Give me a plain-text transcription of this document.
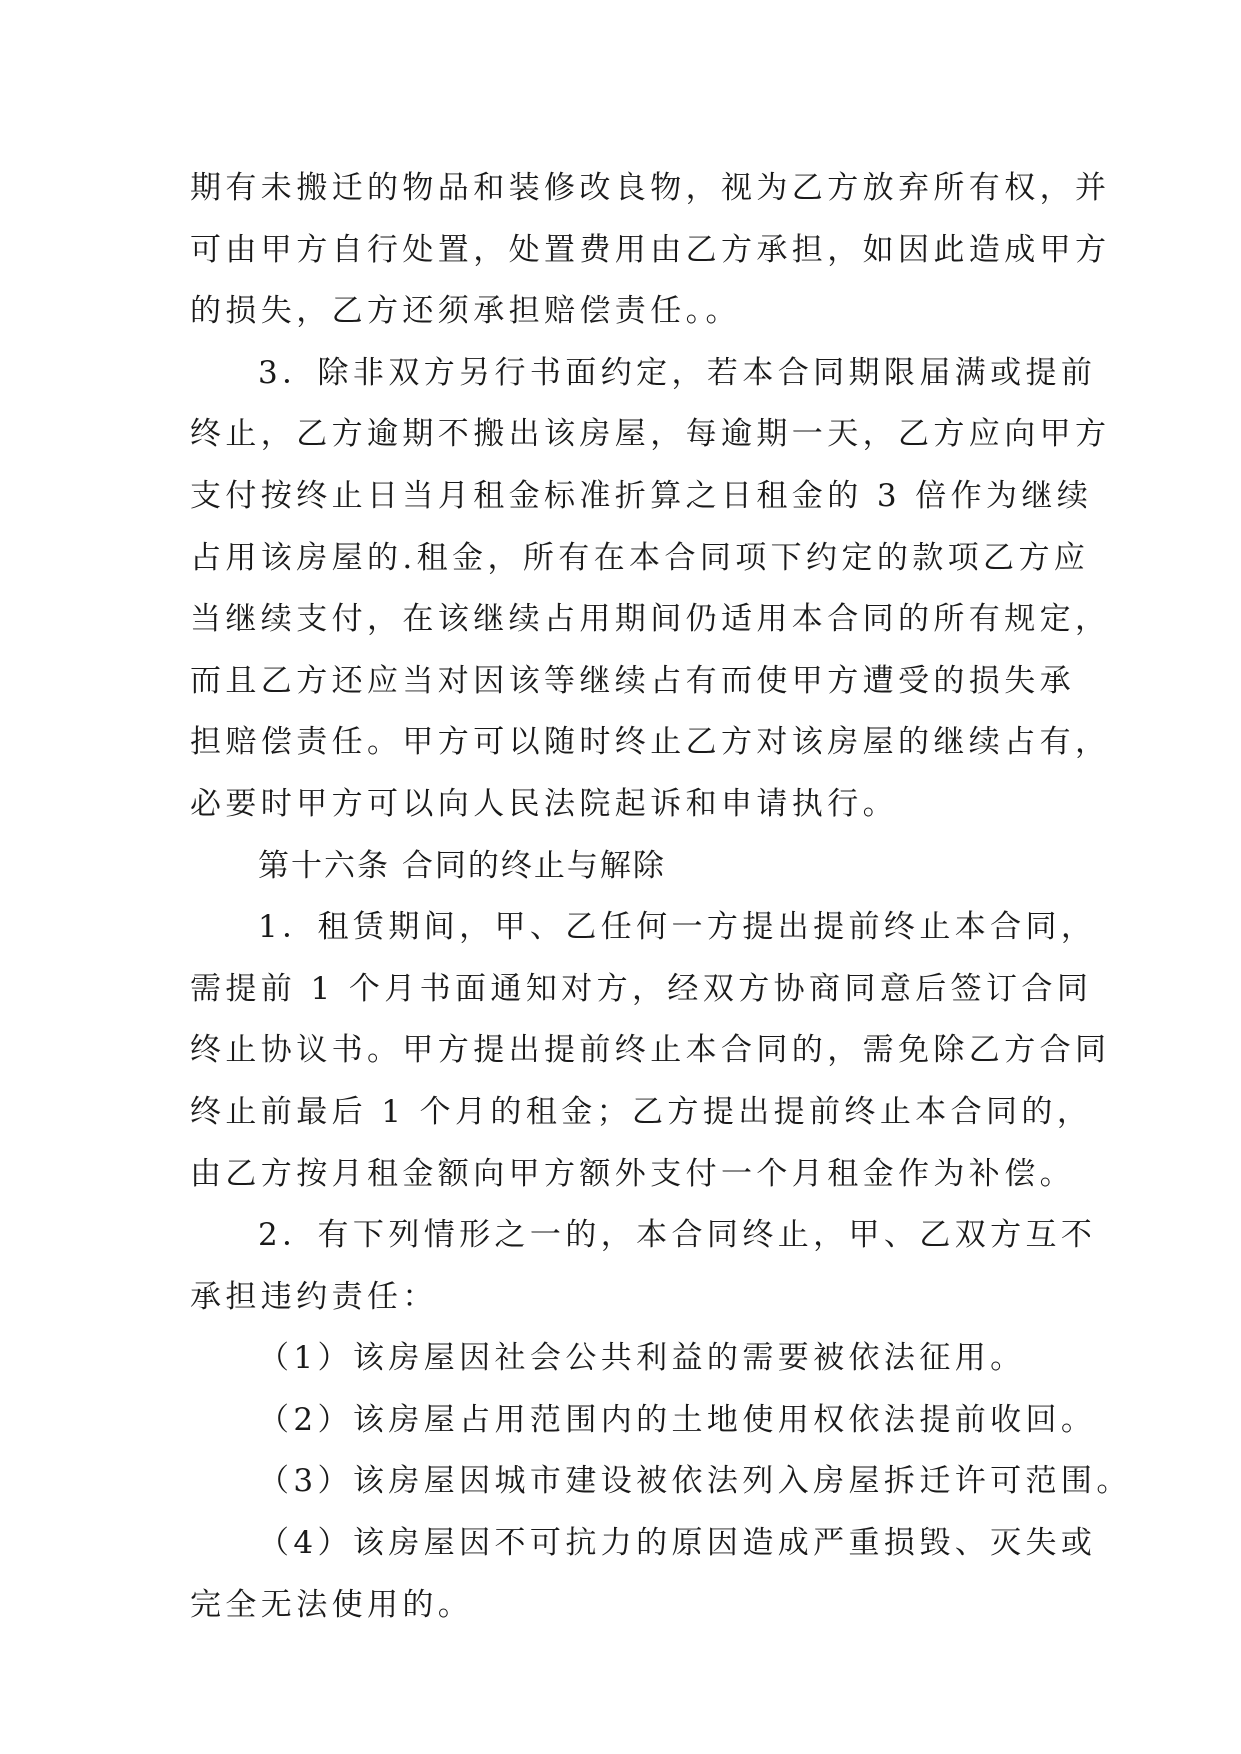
期有未搬迁的物品和装修改良物，视为乙方放弃所有权，并
可由甲方自行处置，处置费用由乙方承担，如因此造成甲方
的损失，乙方还须承担赔偿责任。。
3．除非双方另行书面约定，若本合同期限届满或提前
终止，乙方逾期不搬出该房屋，每逾期一天，乙方应向甲方
支付按终止日当月租金标准折算之日租金的 3 倍作为继续
占用该房屋的.租金，所有在本合同项下约定的款项乙方应
当继续支付，在该继续占用期间仍适用本合同的所有规定，
而且乙方还应当对因该等继续占有而使甲方遭受的损失承
担赔偿责任。甲方可以随时终止乙方对该房屋的继续占有，
必要时甲方可以向人民法院起诉和申请执行。
第十六条 合同的终止与解除
1．租赁期间，甲、乙任何一方提出提前终止本合同，
需提前 1 个月书面通知对方，经双方协商同意后签订合同
终止协议书。甲方提出提前终止本合同的，需免除乙方合同
终止前最后 1 个月的租金；乙方提出提前终止本合同的，
由乙方按月租金额向甲方额外支付一个月租金作为补偿。
2．有下列情形之一的，本合同终止，甲、乙双方互不
承担违约责任：
（1）该房屋因社会公共利益的需要被依法征用。
（2）该房屋占用范围内的土地使用权依法提前收回。
（3）该房屋因城市建设被依法列入房屋拆迁许可范围。
（4）该房屋因不可抗力的原因造成严重损毁、灭失或
完全无法使用的。
